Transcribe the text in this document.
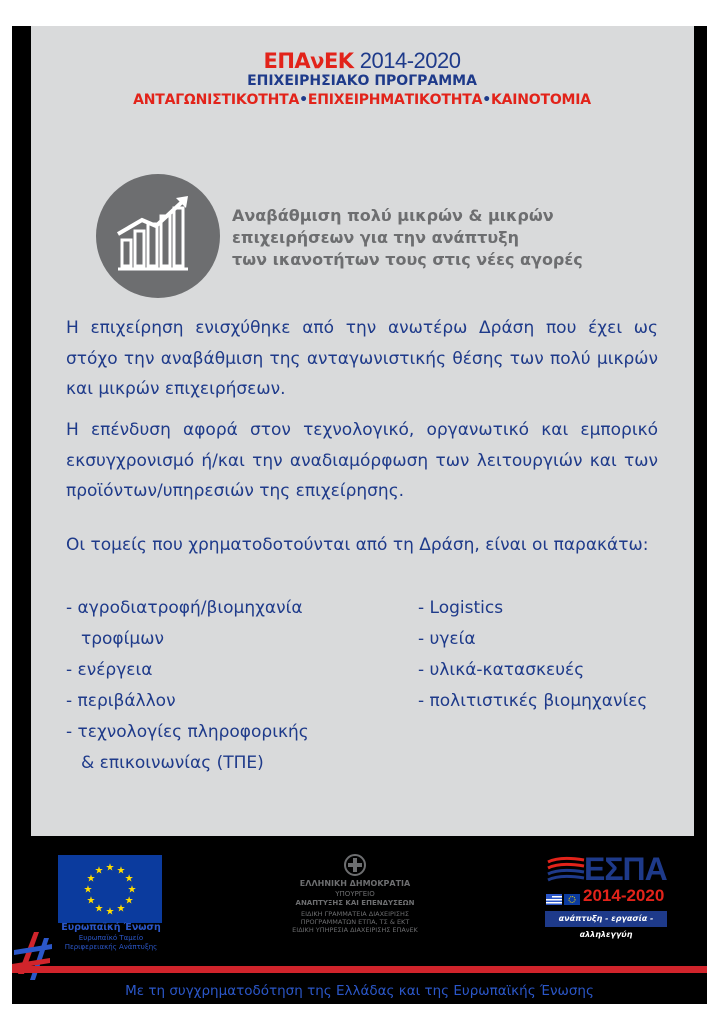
ΕΠΑνΕΚ 2014-2020
ΕΠΙΧΕΙΡΗΣΙΑΚΟ ΠΡΟΓΡΑΜΜΑ
ΑΝΤΑΓΩΝΙΣΤΙΚΟΤΗΤΑ•ΕΠΙΧΕΙΡΗΜΑΤΙΚΟΤΗΤΑ•ΚΑΙΝΟΤΟΜΙΑ
Αναβάθμιση πολύ μικρών & μικρών
επιχειρήσεων για την ανάπτυξη
των ικανοτήτων τους στις νέες αγορές

Η επιχείρηση ενισχύθηκε από την ανωτέρω Δράση που έχει ως στόχο την αναβάθμιση της ανταγωνιστικής θέσης των πολύ μικρών και μικρών επιχειρήσεων.

Η επένδυση αφορά στον τεχνολογικό, οργανωτικό και εμπορικό εκσυγχρονισμό ή/και την αναδιαμόρφωση των λειτουργιών και των προϊόντων/υπηρεσιών της επιχείρησης.

Οι τομείς που χρηματοδοτούνται από τη Δράση, είναι οι παρακάτω:

- αγροδιατροφή/βιομηχανία
τροφίμων
- ενέργεια
- περιβάλλον
- τεχνολογίες πληροφορικής
& επικοινωνίας (ΤΠΕ)
- Logistics
- υγεία
- υλικά-κατασκευές
- πολιτιστικές βιομηχανίες
★ ★
★
★
★
★
★
★
★
★
★
★
Ευρωπαϊκή Ένωση
Ευρωπαϊκό Ταμείο
Περιφερειακής Ανάπτυξης
ΕΛΛΗΝΙΚΗ ΔΗΜΟΚΡΑΤΙΑ
ΥΠΟΥΡΓΕΙΟ
ΑΝΑΠΤΥΞΗΣ ΚΑΙ ΕΠΕΝΔΥΣΕΩΝ
ΕΙΔΙΚΗ ΓΡΑΜΜΑΤΕΙΑ ΔΙΑΧΕΙΡΙΣΗΣ
ΠΡΟΓΡΑΜΜΑΤΩΝ ΕΤΠΑ, ΤΣ & ΕΚΤ
ΕΙΔΙΚΗ ΥΠΗΡΕΣΙΑ ΔΙΑΧΕΙΡΙΣΗΣ ΕΠΑνΕΚ
ΕΣΠΑ
2014-2020
ανάπτυξη - εργασία - αλληλεγγύη
Με τη συγχρηματοδότηση της Ελλάδας και της Ευρωπαϊκής Ένωσης
